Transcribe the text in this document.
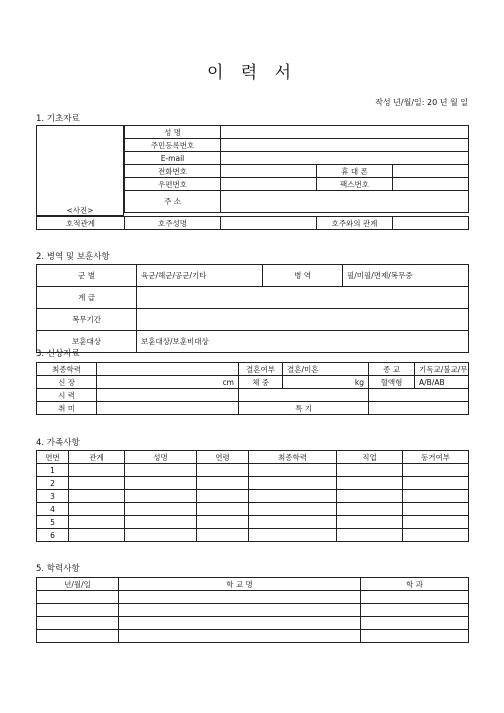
이 력 서
작성 년/월/일: 20 년 월 일
1. 기초자료
<사진>
성 명			
주민등록번호			
E-mail			
전화번호		휴 대 폰	
우편번호		팩스번호	
주 소			
호적관계	호주성명		호주와의 관계	
2. 병역 및 보훈사항
군 별	육군/해군/공군/기타	병 역	필/미필/면제/복무중
계 급			
복무기간			
보훈대상	보훈대상/보훈비대상		
3. 신상자료
최종학력		결혼여부	결혼/미혼	종 교	기독교/불교/무
신 장	cm	체 중	kg	혈액형	A/B/AB
시 력					
취 미		특 기			
4. 가족사항
연번	관계	성명	연령	최종학력	직업	동거여부
1						
2						
3						
4						
5						
6						
5. 학력사항
년/월/일	학 교 명	학 과
